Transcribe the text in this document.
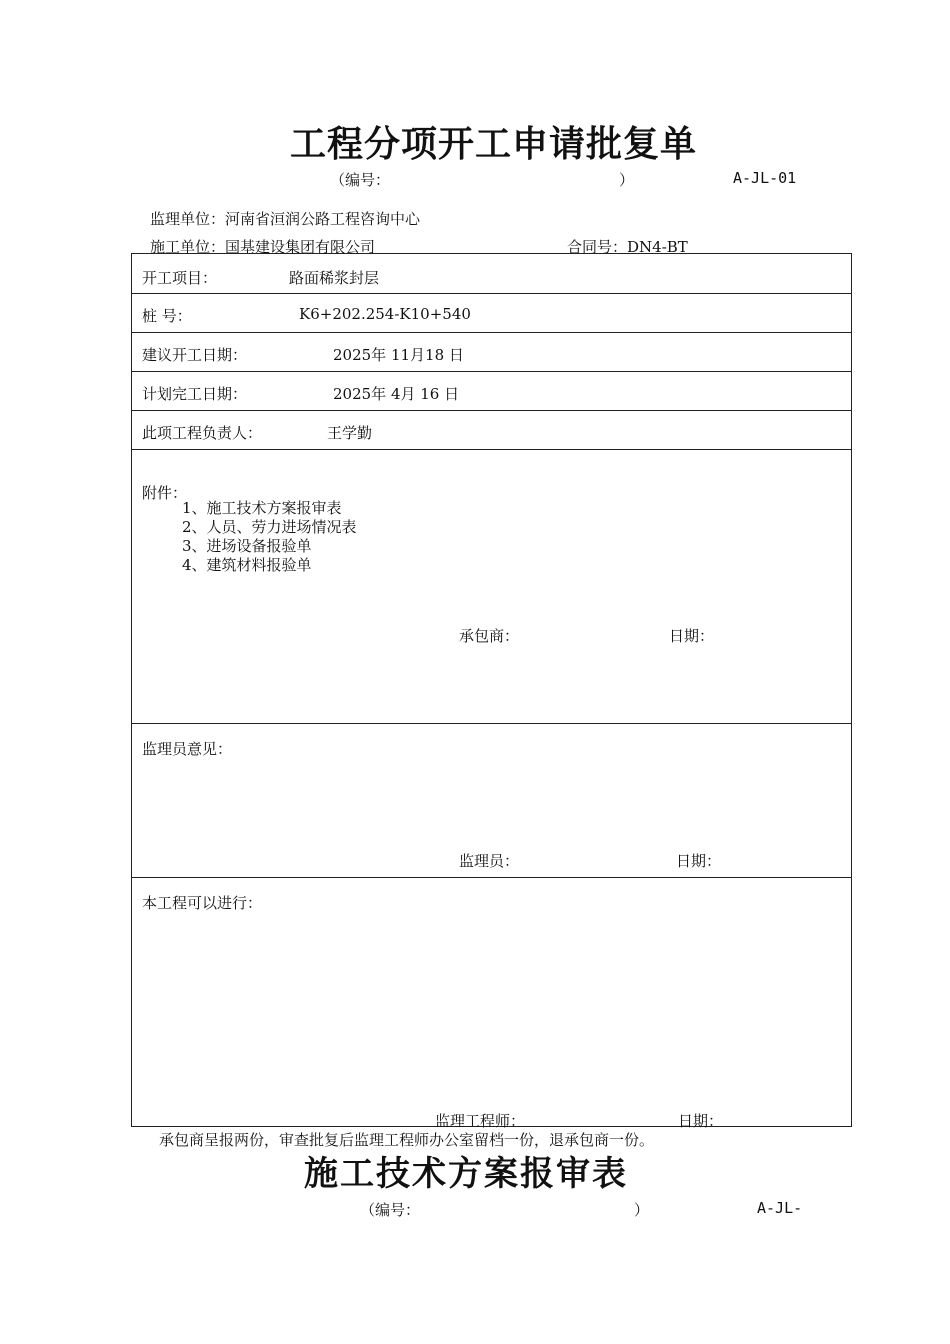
工程分项开工申请批复单
（编号：	）	A-JL-01
监理单位：河南省洹润公路工程咨询中心
施工单位：国基建设集团有限公司	合同号：DN4-BT
开工项目：	路面稀浆封层
桩 号：	K6+202.254-K10+540
建议开工日期：	2025年 11月18 日
计划完工日期：	2025年 4月 16 日
此项工程负责人：	王学勤
附件：
1、施工技术方案报审表
2、人员、劳力进场情况表
3、进场设备报验单
4、建筑材料报验单
承包商：	日期：
监理员意见：
监理员：	日期：
本工程可以进行：
监理工程师：	日期：
承包商呈报两份，审查批复后监理工程师办公室留档一份，退承包商一份。
施工技术方案报审表
（编号：	）	A-JL-
